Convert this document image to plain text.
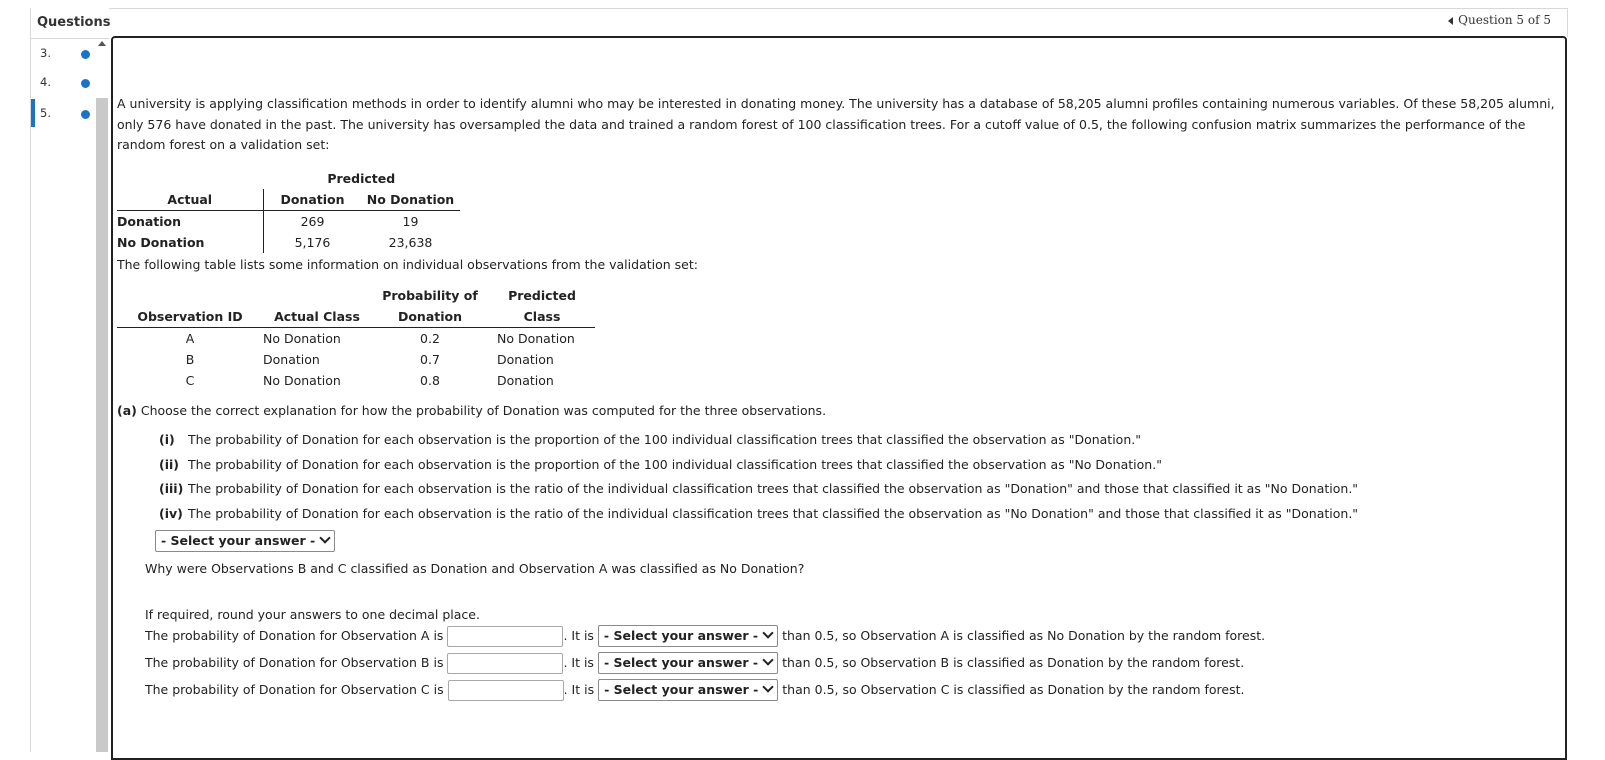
Questions
3.
4.
5.
Question 5 of 5

A university is applying classification methods in order to identify alumni who may be interested in donating money. The university has a database of 58,205 alumni profiles containing numerous variables. Of these 58,205 alumni, only 576 have donated in the past. The university has oversampled the data and trained a random forest of 100 classification trees. For a cutoff value of 0.5, the following confusion matrix summarizes the performance of the random forest on a validation set:

	Predicted	
Actual	Donation	No Donation
Donation	269	19
No Donation	5,176	23,638

The following table lists some information on individual observations from the validation set:

		Probability of	Predicted
Observation ID	Actual Class	Donation	Class
A	No Donation	0.2	No Donation
B	Donation	0.7	Donation
C	No Donation	0.8	Donation
(a) Choose the correct explanation for how the probability of Donation was computed for the three observations.
(i) The probability of Donation for each observation is the proportion of the 100 individual classification trees that classified the observation as "Donation."
(ii) The probability of Donation for each observation is the proportion of the 100 individual classification trees that classified the observation as "No Donation."
(iii) The probability of Donation for each observation is the ratio of the individual classification trees that classified the observation as "Donation" and those that classified it as "No Donation."
(iv) The probability of Donation for each observation is the ratio of the individual classification trees that classified the observation as "No Donation" and those that classified it as "Donation."
- Select your answer -
Why were Observations B and C classified as Donation and Observation A was classified as No Donation?
If required, round your answers to one decimal place.
The probability of Donation for Observation A is	. It is - Select your answer - than 0.5, so Observation A is classified as No Donation by the random forest.
The probability of Donation for Observation B is	. It is - Select your answer - than 0.5, so Observation B is classified as Donation by the random forest.
The probability of Donation for Observation C is	. It is - Select your answer - than 0.5, so Observation C is classified as Donation by the random forest.
